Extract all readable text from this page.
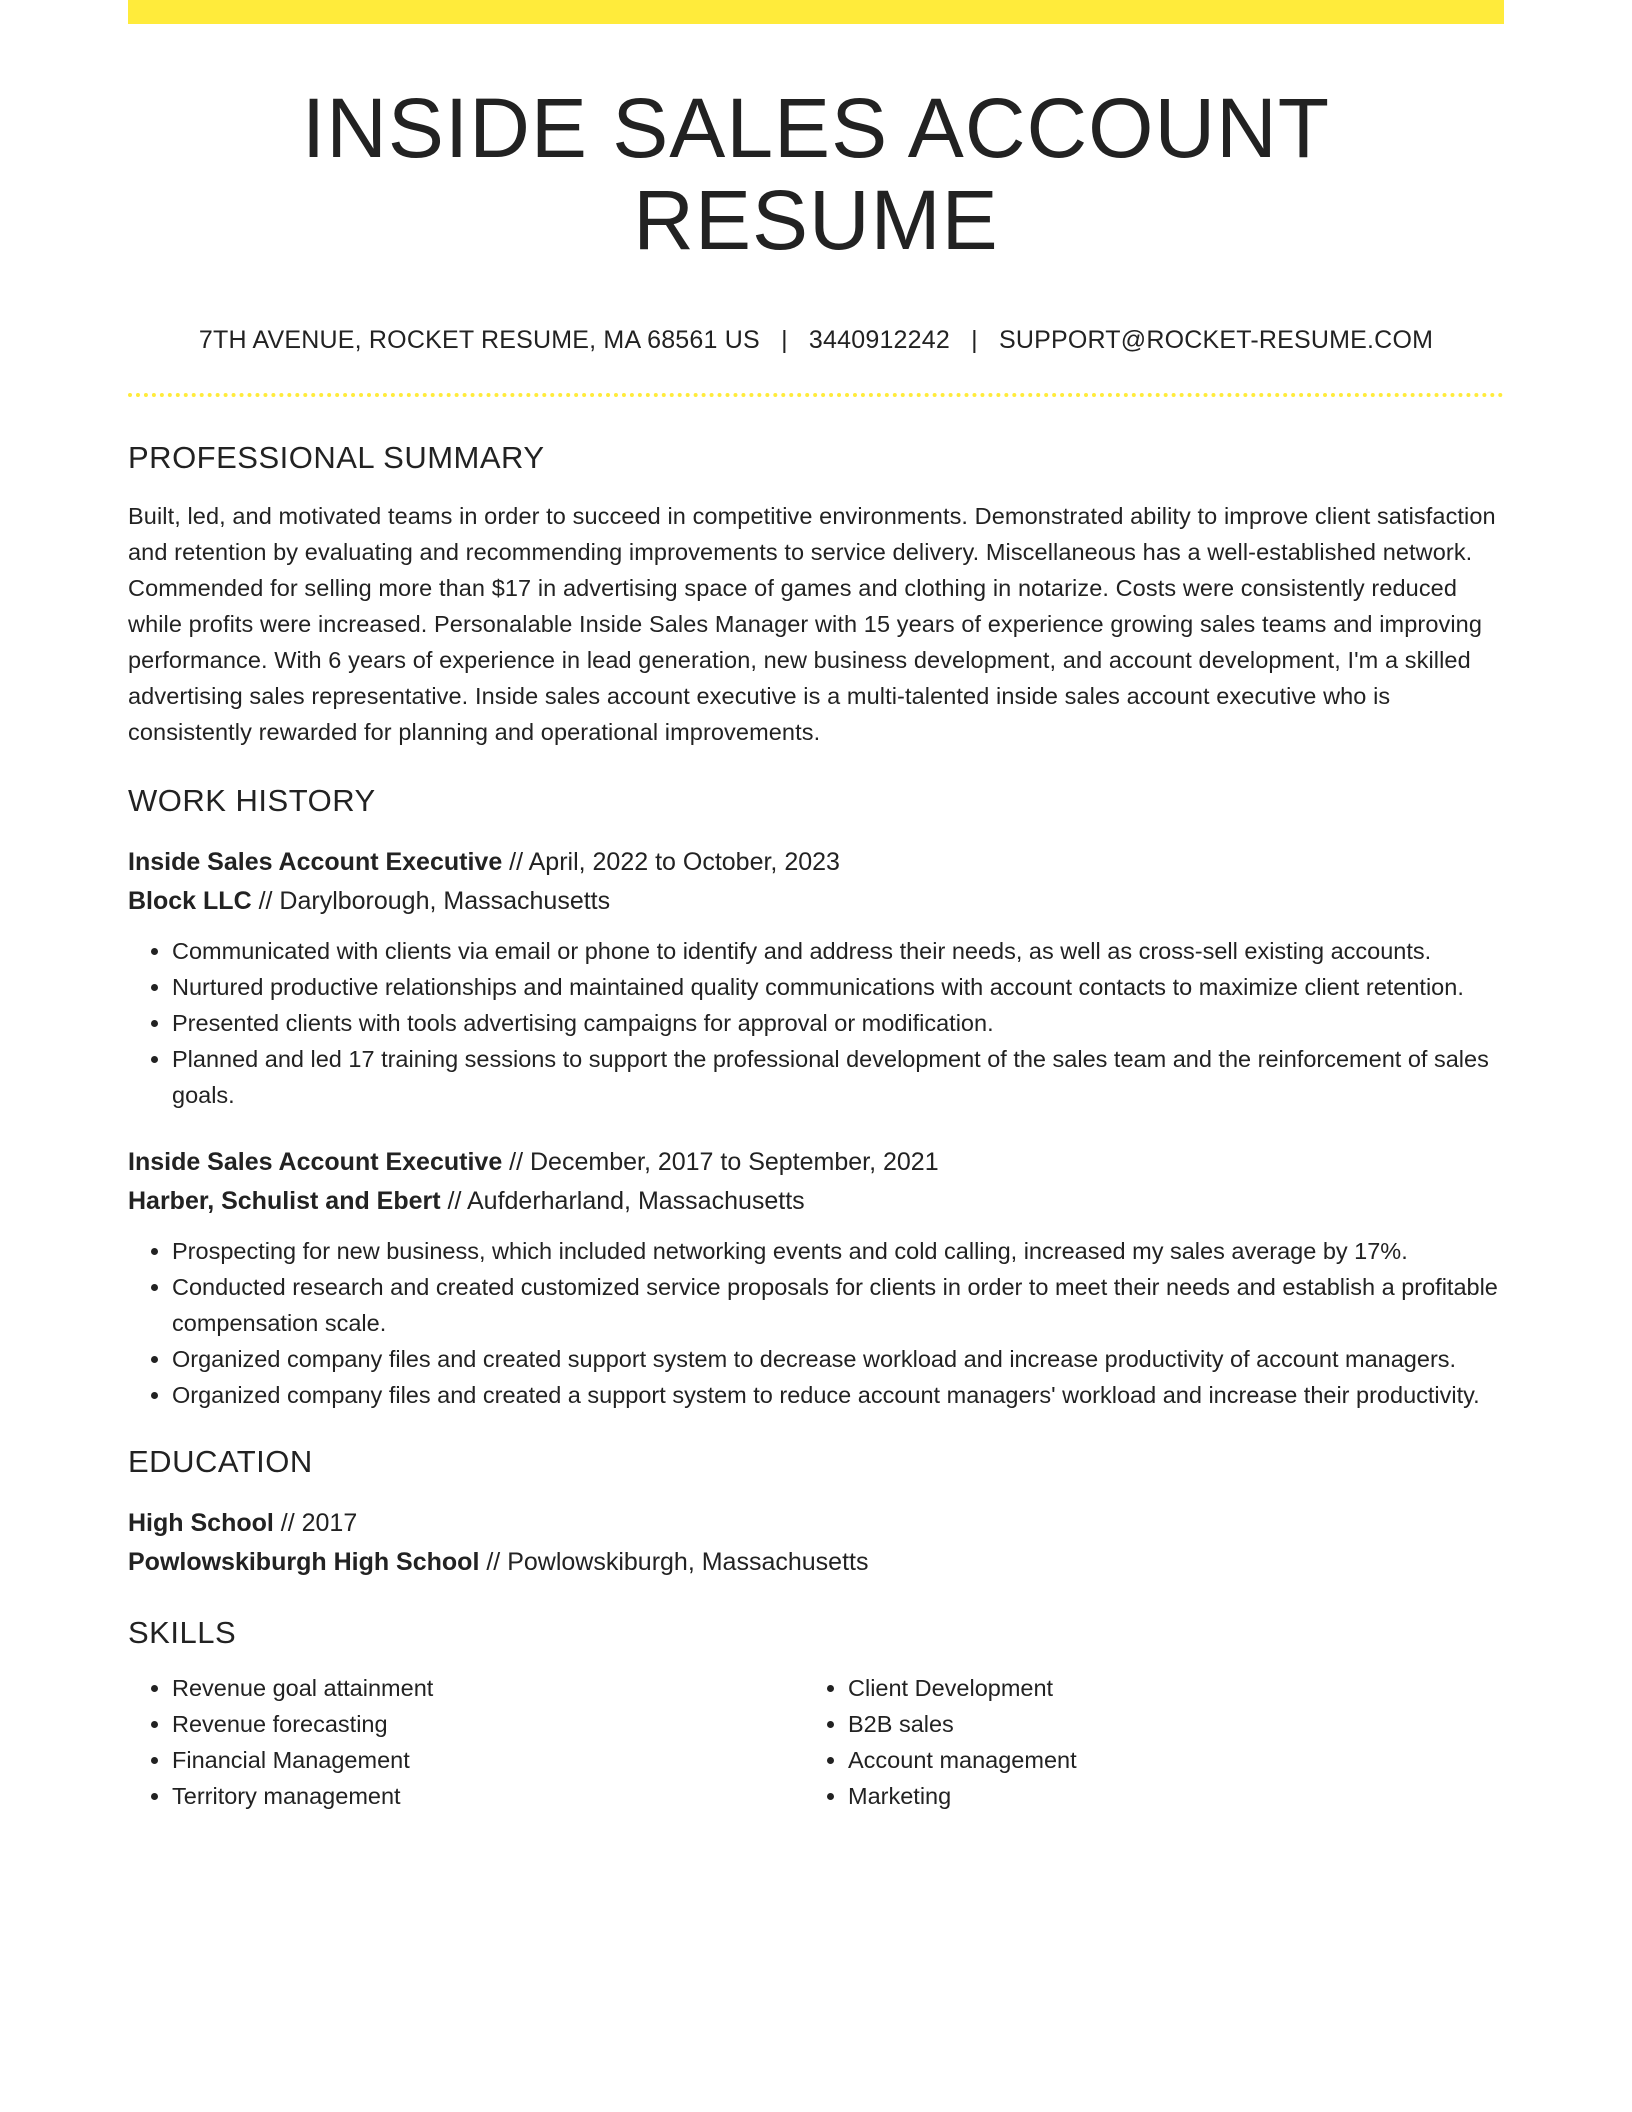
INSIDE SALES ACCOUNT RESUME
7TH AVENUE, ROCKET RESUME, MA 68561 US | 3440912242 | SUPPORT@ROCKET-RESUME.COM
PROFESSIONAL SUMMARY
Built, led, and motivated teams in order to succeed in competitive environments. Demonstrated ability to improve client satisfaction and retention by evaluating and recommending improvements to service delivery. Miscellaneous has a well-established network. Commended for selling more than $17 in advertising space of games and clothing in notarize. Costs were consistently reduced while profits were increased. Personalable Inside Sales Manager with 15 years of experience growing sales teams and improving performance. With 6 years of experience in lead generation, new business development, and account development, I'm a skilled advertising sales representative. Inside sales account executive is a multi-talented inside sales account executive who is consistently rewarded for planning and operational improvements.
WORK HISTORY
Inside Sales Account Executive // April, 2022 to October, 2023
Block LLC // Darylborough, Massachusetts
• Communicated with clients via email or phone to identify and address their needs, as well as cross-sell existing accounts.
• Nurtured productive relationships and maintained quality communications with account contacts to maximize client retention.
• Presented clients with tools advertising campaigns for approval or modification.
• Planned and led 17 training sessions to support the professional development of the sales team and the reinforcement of sales goals.
Inside Sales Account Executive // December, 2017 to September, 2021
Harber, Schulist and Ebert // Aufderharland, Massachusetts
• Prospecting for new business, which included networking events and cold calling, increased my sales average by 17%.
• Conducted research and created customized service proposals for clients in order to meet their needs and establish a profitable compensation scale.
• Organized company files and created support system to decrease workload and increase productivity of account managers.
• Organized company files and created a support system to reduce account managers' workload and increase their productivity.
EDUCATION
High School // 2017
Powlowskiburgh High School // Powlowskiburgh, Massachusetts
SKILLS
• Revenue goal attainment
• Revenue forecasting
• Financial Management
• Territory management
• Client Development
• B2B sales
• Account management
• Marketing
